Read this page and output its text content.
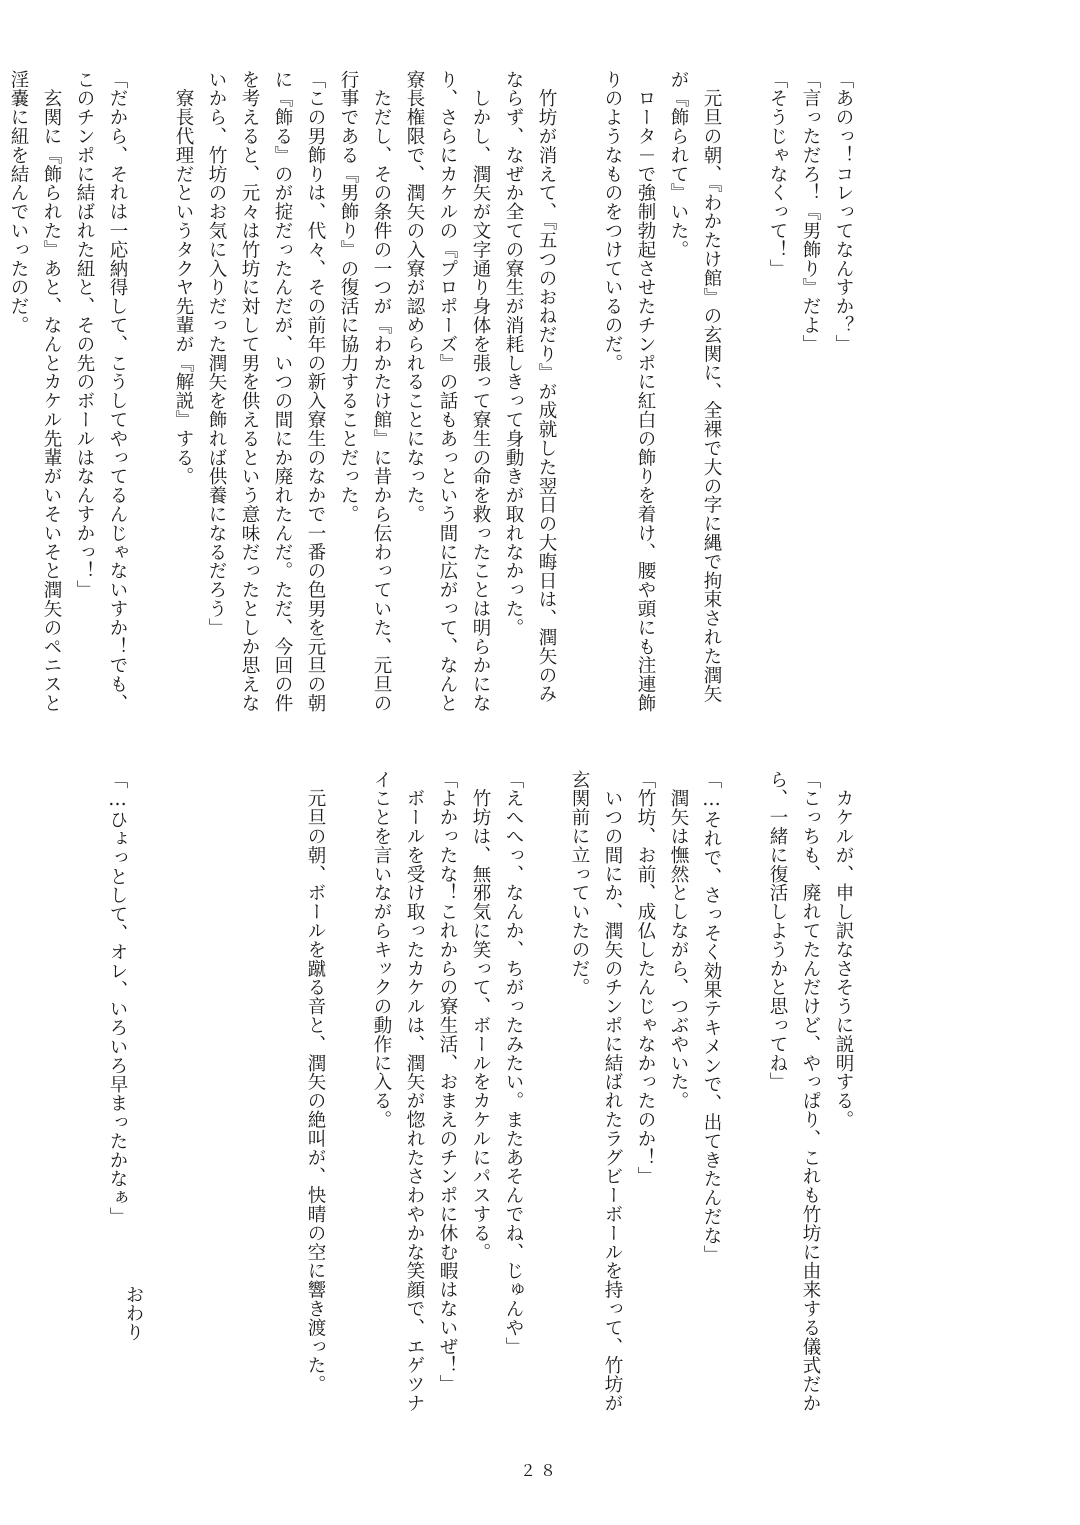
「あのっ！コレってなんすか？」
「言っただろ！『男飾り』だよ」
「そうじゃなくって！」
　元旦の朝、『わかたけ館』の玄関に、全裸で大の字に縄で拘束された潤矢
が『飾られて』いた。
　ロータ－で強制勃起させたチンポに紅白の飾りを着け、腰や頭にも注連飾
りのようなものをつけているのだ。
　竹坊が消えて、『五つのおねだり』が成就した翌日の大晦日は、潤矢のみ
ならず、なぜか全ての寮生が消耗しきって身動きが取れなかった。
　しかし、潤矢が文字通り身体を張って寮生の命を救ったことは明らかにな
り、さらにカケルの『プロポーズ』の話もあっという間に広がって、なんと
寮長権限で、潤矢の入寮が認められることになった。
　ただし、その条件の一つが『わかたけ館』に昔から伝わっていた、元旦の
行事である『男飾り』の復活に協力することだった。
「この男飾りは、代々、その前年の新入寮生のなかで一番の色男を元旦の朝
に『飾る』のが掟だったんだが、いつの間にか廃れたんだ。ただ、今回の件
を考えると、元々は竹坊に対して男を供えるという意味だったとしか思えな
いから、竹坊のお気に入りだった潤矢を飾れば供養になるだろう」
　寮長代理だというタクヤ先輩が『解説』する。
「だから、それは一応納得して、こうしてやってるんじゃないすか！でも、
このチンポに結ばれた紐と、その先のボールはなんすかっ！」
　玄関に『飾られた』あと、なんとカケル先輩がいそいそと潤矢のペニスと
淫嚢に紐を結んでいったのだ。
　カケルが、申し訳なさそうに説明する。
「こっちも、廃れてたんだけど、やっぱり、これも竹坊に由来する儀式だか
ら、一緒に復活しようかと思ってね」
「…それで、さっそく効果テキメンで、出てきたんだな」
　潤矢は憮然としながら、つぶやいた。
「竹坊、お前、成仏したんじゃなかったのか！」
　いつの間にか、潤矢のチンポに結ばれたラグビーボールを持って、竹坊が
玄関前に立っていたのだ。
「えへへっ、なんか、ちがったみたい。またあそんでね、じゅんや」
　竹坊は、無邪気に笑って、ボールをカケルにパスする。
「よかったな！これからの寮生活、おまえのチンポに休む暇はないぜ！」
　ボールを受け取ったカケルは、潤矢が惚れたさわやかな笑顔で、エゲツナ
イことを言いながらキックの動作に入る。
　元旦の朝、ボールを蹴る音と、潤矢の絶叫が、快晴の空に響き渡った。
「…ひょっとして、オレ、いろいろ早まったかなぁ」
おわり
２８
